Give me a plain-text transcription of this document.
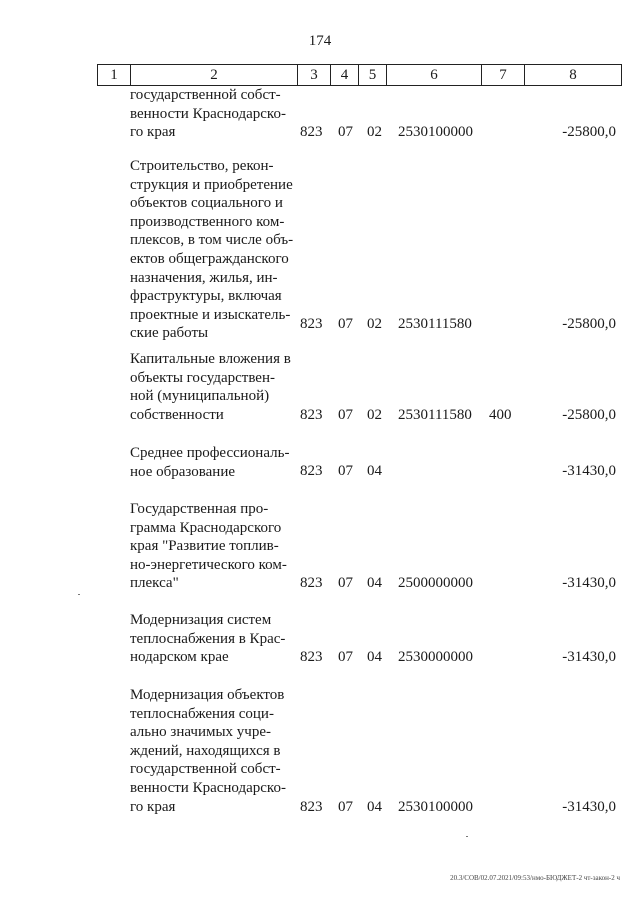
174
1	2	3	4	5	6	7	8
государственной собст-
венности Краснодарско-
го края	823 07 02 2530100000	-25800,0
Строительство, рекон-
струкция и приобретение
объектов социального и
производственного ком-
плексов, в том числе объ-
ектов общегражданского
назначения, жилья, ин-
фраструктуры, включая
проектные и изыскатель-
ские работы
823 07 02 2530111580	-25800,0
Капитальные вложения в
объекты государствен-
ной (муниципальной)
собственности	823 07 02 2530111580 400	-25800,0
Среднее профессиональ-
ное образование	823 07 04	-31430,0
Государственная про-
грамма Краснодарского
края "Развитие топлив-
но-энергетического ком-
плекса"	823 07 04 2500000000	-31430,0
Модернизация систем
теплоснабжения в Крас-
нодарском крае	823 07 04 2530000000	-31430,0
Модернизация объектов
теплоснабжения соци-
ально значимых учре-
ждений, находящихся в
государственной собст-
венности Краснодарско-
го края	823 07 04 2530100000	-31430,0
20.3/СОВ/02.07.2021/09:53/нмо-БЮДЖЕТ-2 чт-закон-2 ч
